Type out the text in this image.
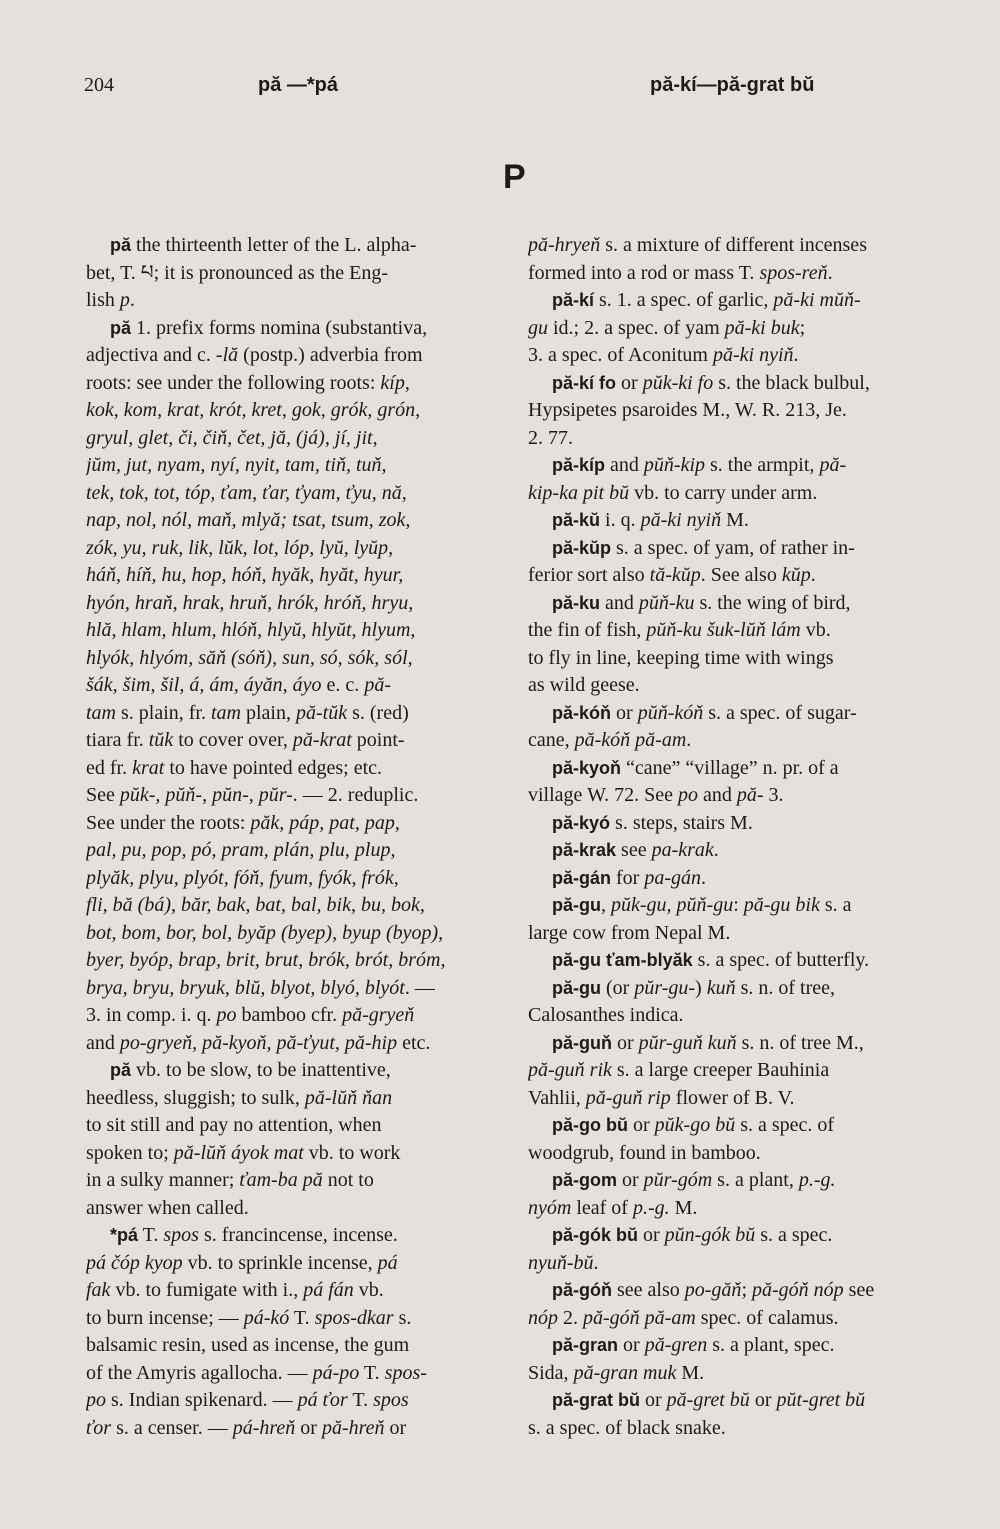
204	pă —*pá	pă-kí—pă-grat bŭ
P
pă the thirteenth letter of the L. alpha-
bet, T. པ; it is pronounced as the Eng-
lish p.
pă 1. prefix forms nomina (substantiva,
adjectiva and c. -lă (postp.) adverbia from
roots: see under the following roots: kíp,
kok, kom, krat, krót, kret, gok, grók, grón,
gryul, glet, či, čiň, čet, jă, (já), jí, jit,
jŭm, jut, nyam, nyí, nyit, tam, tiň, tuň,
tek, tok, tot, tóp, ťam, ťar, ťyam, ťyu, nă,
nap, nol, nól, maň, mlyă; tsat, tsum, zok,
zók, yu, ruk, lik, lŭk, lot, lóp, lyŭ, lyŭp,
háň, híň, hu, hop, hóň, hyăk, hyăt, hyur,
hyón, hraň, hrak, hruň, hrók, hróň, hryu,
hlă, hlam, hlum, hlóň, hlyŭ, hlyŭt, hlyum,
hlyók, hlyóm, săň (sóň), sun, só, sók, sól,
šák, šim, šil, á, ám, áyăn, áyo e. c. pă-
tam s. plain, fr. tam plain, pă-tŭk s. (red)
tiara fr. tŭk to cover over, pă-krat point-
ed fr. krat to have pointed edges; etc.
See pŭk-, pŭň-, pŭn-, pŭr-. — 2. reduplic.
See under the roots: păk, páp, pat, pap,
pal, pu, pop, pó, pram, plán, plu, plup,
plyăk, plyu, plyót, fóň, fyum, fyók, frók,
fli, bă (bá), băr, bak, bat, bal, bik, bu, bok,
bot, bom, bor, bol, byăp (byep), byup (byop),
byer, byóp, brap, brit, brut, brók, brót, bróm,
brya, bryu, bryuk, blŭ, blyot, blyó, blyót. —
3. in comp. i. q. po bamboo cfr. pă-gryeň
and po-gryeň, pă-kyoň, pă-ťyut, pă-hip etc.
pă vb. to be slow, to be inattentive,
heedless, sluggish; to sulk, pă-lŭň ňan
to sit still and pay no attention, when
spoken to; pă-lŭň áyok mat vb. to work
in a sulky manner; ťam-ba pă not to
answer when called.
*pá T. spos s. francincense, incense.
pá čóp kyop vb. to sprinkle incense, pá
fak vb. to fumigate with i., pá fán vb.
to burn incense; — pá-kó T. spos-dkar s.
balsamic resin, used as incense, the gum
of the Amyris agallocha. — pá-po T. spos-
po s. Indian spikenard. — pá ťor T. spos
ťor s. a censer. — pá-hreň or pă-hreň or
pă-hryeň s. a mixture of different incenses
formed into a rod or mass T. spos-reň.
pă-kí s. 1. a spec. of garlic, pă-ki mŭň-
gu id.; 2. a spec. of yam pă-ki buk;
3. a spec. of Aconitum pă-ki nyiň.
pă-kí fo or pŭk-ki fo s. the black bulbul,
Hypsipetes psaroides M., W. R. 213, Je.
2. 77.
pă-kíp and pŭň-kip s. the armpit, pă-
kip-ka pit bŭ vb. to carry under arm.
pă-kŭ i. q. pă-ki nyiň M.
pă-kŭp s. a spec. of yam, of rather in-
ferior sort also tă-kŭp. See also kŭp.
pă-ku and pŭň-ku s. the wing of bird,
the fin of fish, pŭň-ku šuk-lŭň lám vb.
to fly in line, keeping time with wings
as wild geese.
pă-kóň or pŭň-kóň s. a spec. of sugar-
cane, pă-kóň pă-am.
pă-kyoň “cane” “village” n. pr. of a
village W. 72. See po and pă- 3.
pă-kyó s. steps, stairs M.
pă-krak see pa-krak.
pă-gán for pa-gán.
pă-gu, pŭk-gu, pŭň-gu: pă-gu bik s. a
large cow from Nepal M.
pă-gu ťam-blyăk s. a spec. of butterfly.
pă-gu (or pŭr-gu-) kuň s. n. of tree,
Calosanthes indica.
pă-guň or pŭr-guň kuň s. n. of tree M.,
pă-guň rik s. a large creeper Bauhinia
Vahlii, pă-guň rip flower of B. V.
pă-go bŭ or pŭk-go bŭ s. a spec. of
woodgrub, found in bamboo.
pă-gom or pŭr-góm s. a plant, p.-g.
nyóm leaf of p.-g. M.
pă-gók bŭ or pŭn-gók bŭ s. a spec.
nyuň-bŭ.
pă-góň see also po-găň; pă-góň nóp see
nóp 2. pă-góň pă-am spec. of calamus.
pă-gran or pă-gren s. a plant, spec.
Sida, pă-gran muk M.
pă-grat bŭ or pă-gret bŭ or pŭt-gret bŭ
s. a spec. of black snake.
